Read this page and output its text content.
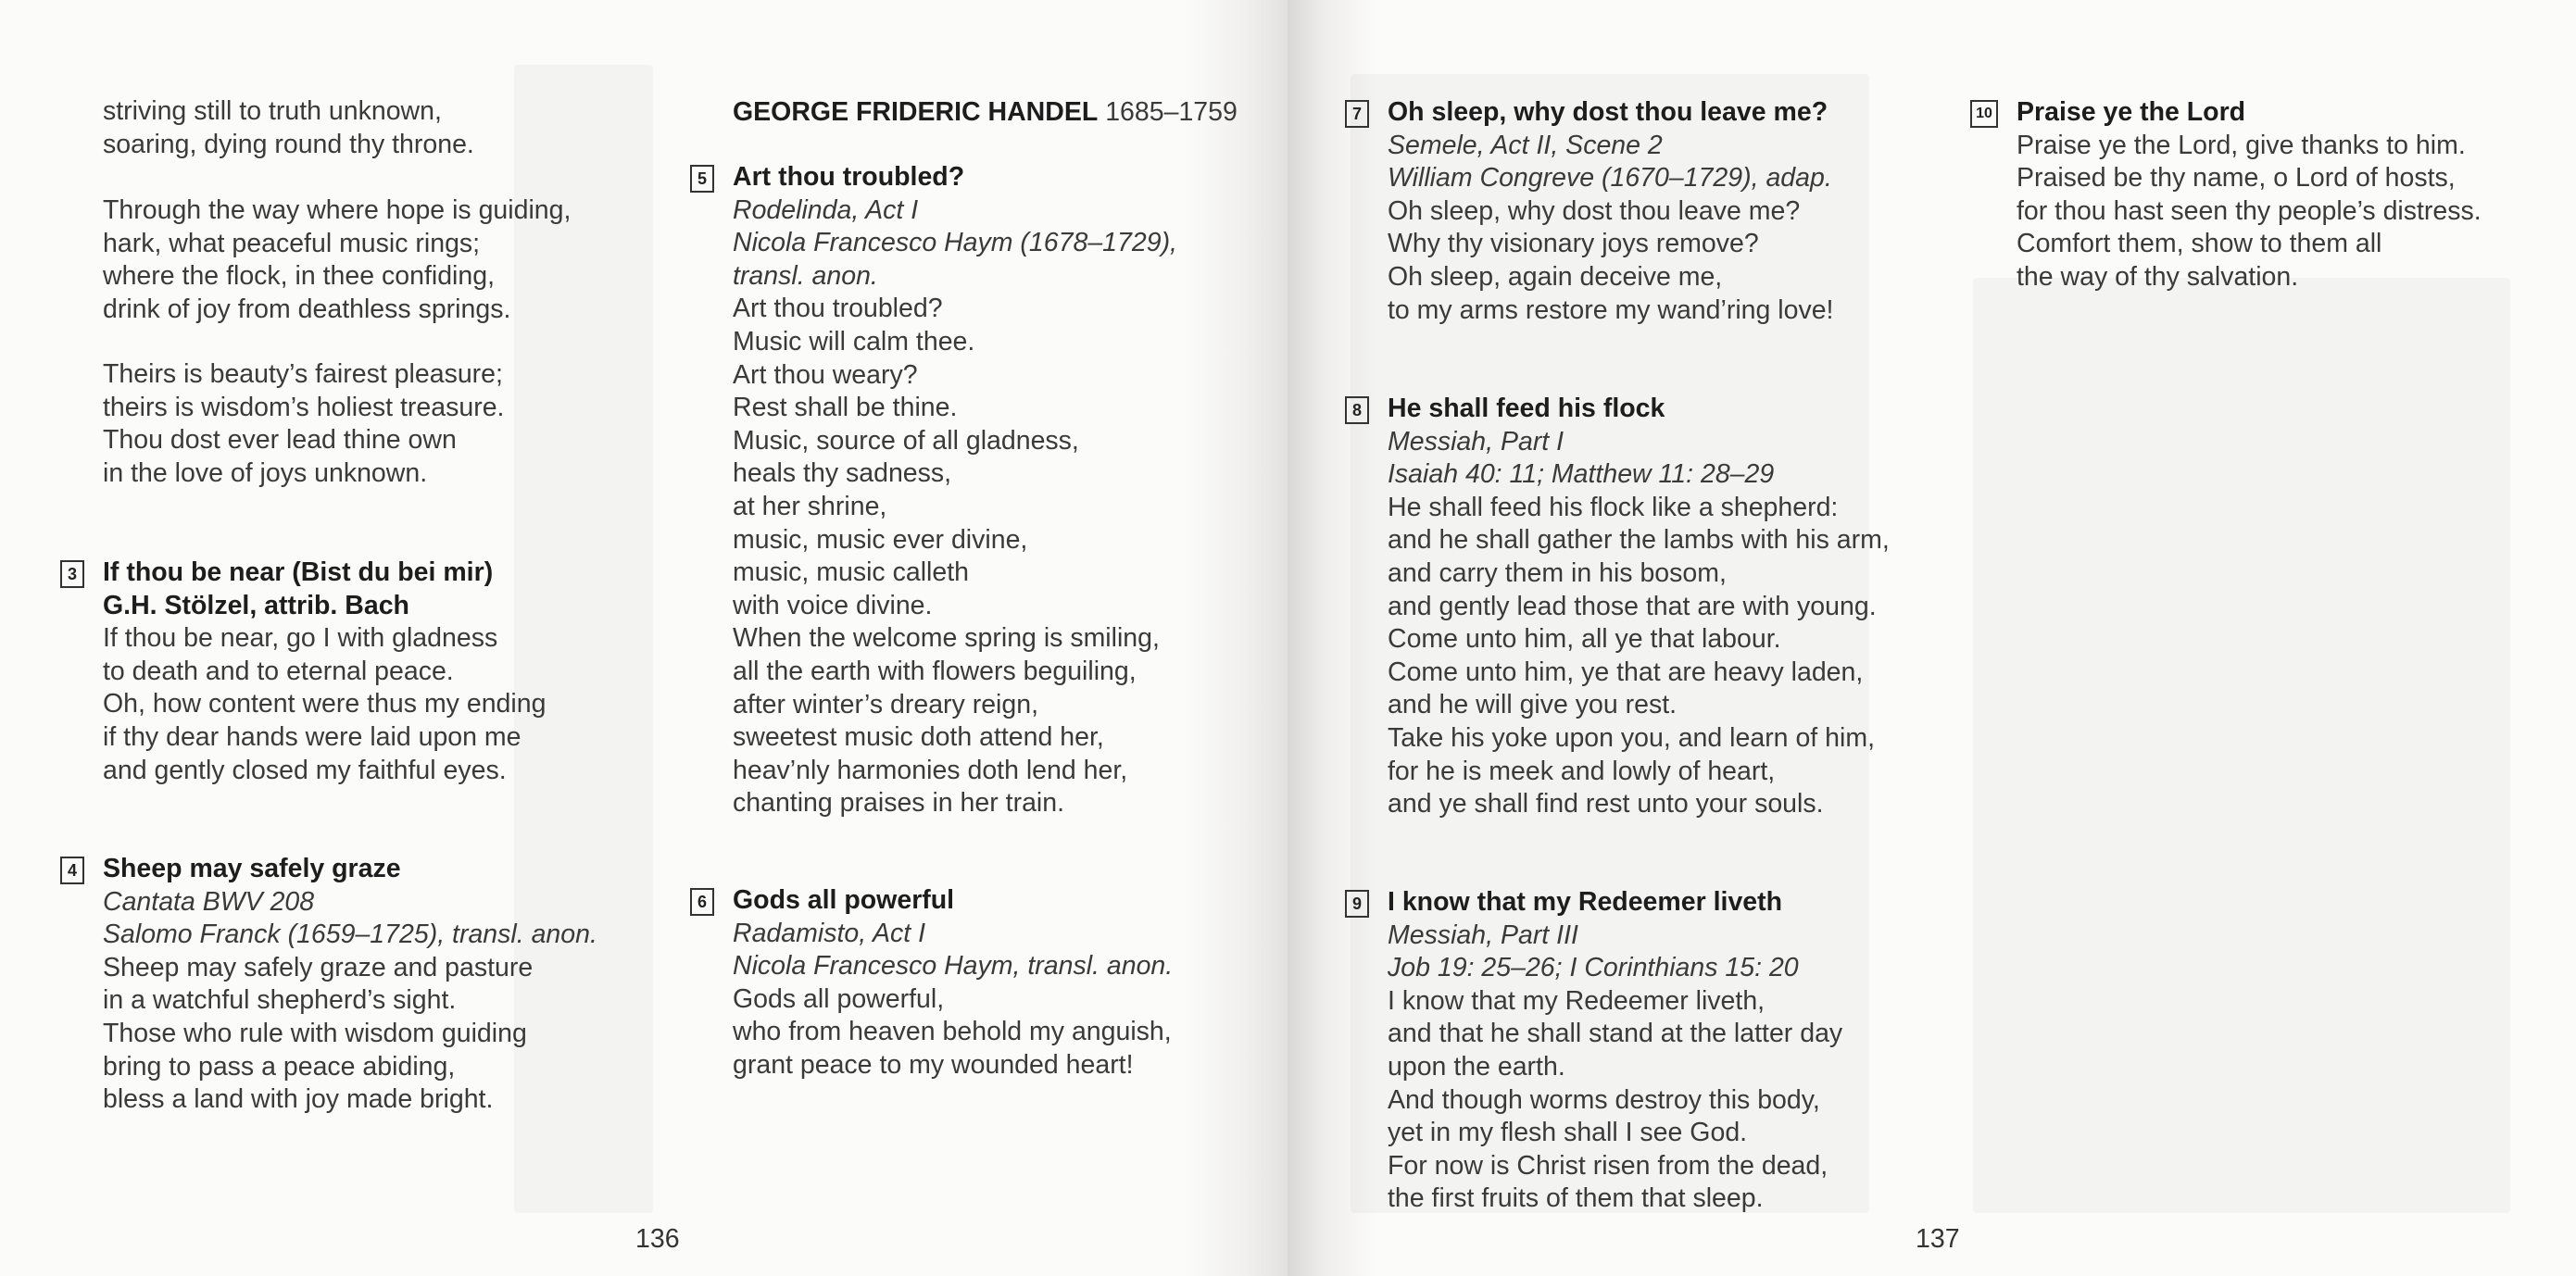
striving still to truth unknown,
soaring, dying round thy throne.
Through the way where hope is guiding,
hark, what peaceful music rings;
where the flock, in thee confiding,
drink of joy from deathless springs.
Theirs is beauty’s fairest pleasure;
theirs is wisdom’s holiest treasure.
Thou dost ever lead thine own
in the love of joys unknown.
3 If thou be near (Bist du bei mir)
G.H. Stölzel, attrib. Bach
If thou be near, go I with gladness
to death and to eternal peace.
Oh, how content were thus my ending
if thy dear hands were laid upon me
and gently closed my faithful eyes.
4 Sheep may safely graze
Cantata BWV 208
Salomo Franck (1659–1725), transl. anon.
Sheep may safely graze and pasture
in a watchful shepherd’s sight.
Those who rule with wisdom guiding
bring to pass a peace abiding,
bless a land with joy made bright.
GEORGE FRIDERIC HANDEL 1685–1759
5 Art thou troubled?
Rodelinda, Act I
Nicola Francesco Haym (1678–1729),
transl. anon.
Art thou troubled?
Music will calm thee.
Art thou weary?
Rest shall be thine.
Music, source of all gladness,
heals thy sadness,
at her shrine,
music, music ever divine,
music, music calleth
with voice divine.
When the welcome spring is smiling,
all the earth with flowers beguiling,
after winter’s dreary reign,
sweetest music doth attend her,
heav’nly harmonies doth lend her,
chanting praises in her train.
6 Gods all powerful
Radamisto, Act I
Nicola Francesco Haym, transl. anon.
Gods all powerful,
who from heaven behold my anguish,
grant peace to my wounded heart!
136
7 Oh sleep, why dost thou leave me?
Semele, Act II, Scene 2
William Congreve (1670–1729), adap.
Oh sleep, why dost thou leave me?
Why thy visionary joys remove?
Oh sleep, again deceive me,
to my arms restore my wand’ring love!
8 He shall feed his flock
Messiah, Part I
Isaiah 40: 11; Matthew 11: 28–29
He shall feed his flock like a shepherd:
and he shall gather the lambs with his arm,
and carry them in his bosom,
and gently lead those that are with young.
Come unto him, all ye that labour.
Come unto him, ye that are heavy laden,
and he will give you rest.
Take his yoke upon you, and learn of him,
for he is meek and lowly of heart,
and ye shall find rest unto your souls.
9 I know that my Redeemer liveth
Messiah, Part III
Job 19: 25–26; I Corinthians 15: 20
I know that my Redeemer liveth,
and that he shall stand at the latter day
upon the earth.
And though worms destroy this body,
yet in my flesh shall I see God.
For now is Christ risen from the dead,
the first fruits of them that sleep.
10 Praise ye the Lord
Praise ye the Lord, give thanks to him.
Praised be thy name, o Lord of hosts,
for thou hast seen thy people’s distress.
Comfort them, show to them all
the way of thy salvation.
137
